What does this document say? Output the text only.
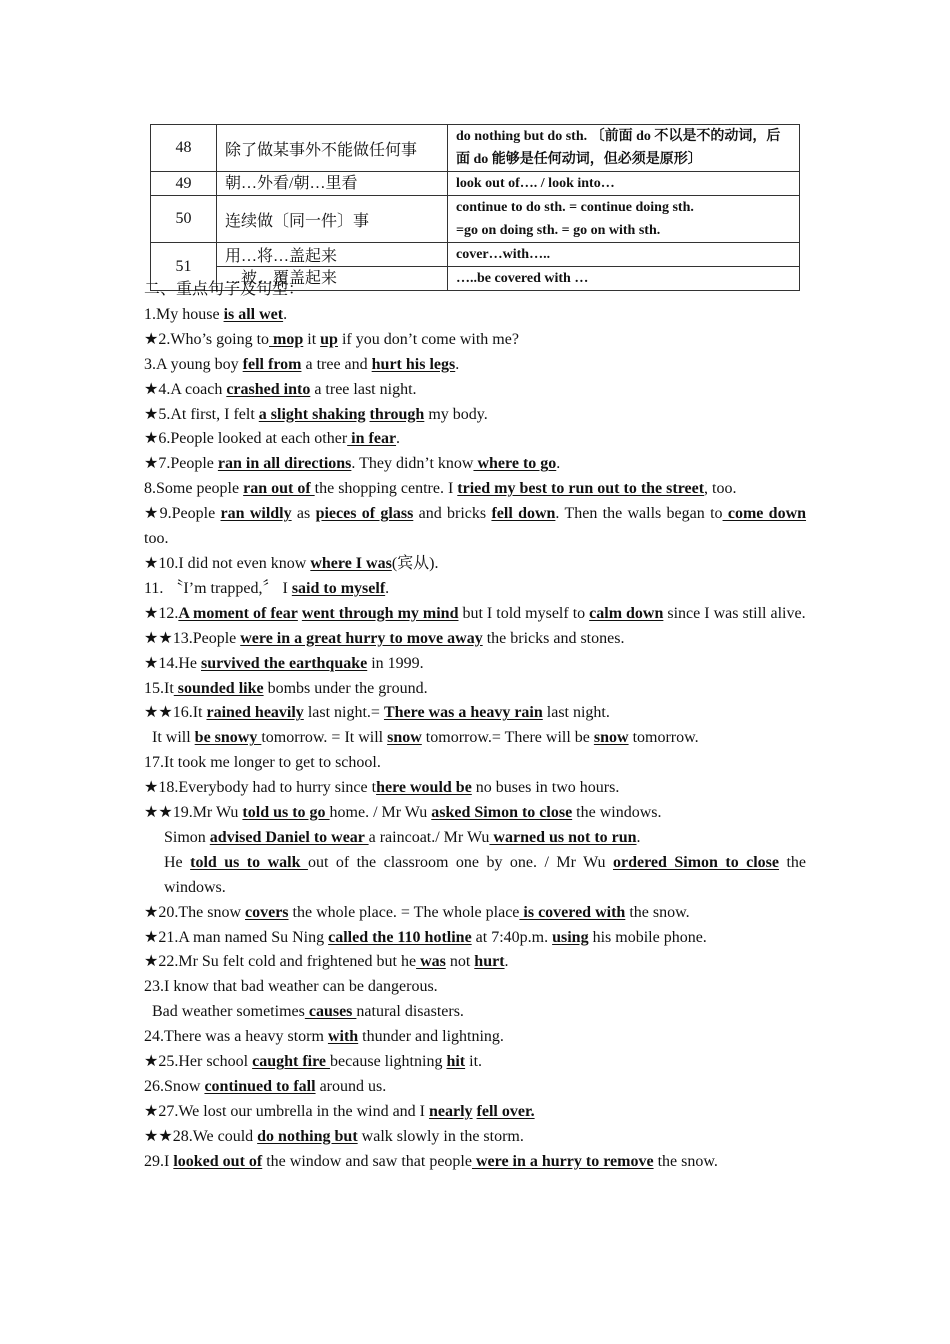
48	除了做某事外不能做任何事	do nothing but do sth. 〔前面 do 不以是不的动词，后面 do 能够是任何动词，但必须是原形〕
49	朝…外看/朝…里看	look out of…. / look into…
50	连续做〔同一件〕事	continue to do sth. = continue doing sth.
=go on doing sth. = go on with sth.

51	用…将…盖起来	cover…with…..
	…被…覆盖起来	…..be covered with …

二、重点句子及句型：

1.My house is all wet.

★2.Who’s going to mop it up if you don’t come with me?

3.A young boy fell from a tree and hurt his legs.

★4.A coach crashed into a tree last night.

★5.At first, I felt a slight shaking through my body.

★6.People looked at each other in fear.

★7.People ran in all directions. They didn’t know where to go.

8.Some people ran out of the shopping centre. I tried my best to run out to the street, too.

★9.People ran wildly as pieces of glass and bricks fell down. Then the walls began to come down too.

★10.I did not even know where I was(宾从).

11. 〝I’m trapped,〞 I said to myself.

★12.A moment of fear went through my mind but I told myself to calm down since I was still alive.

★★13.People were in a great hurry to move away the bricks and stones.

★14.He survived the earthquake in 1999.

15.It sounded like bombs under the ground.

★★16.It rained heavily last night.= There was a heavy rain last night.

It will be snowy tomorrow. = It will snow tomorrow.= There will be snow tomorrow.

17.It took me longer to get to school.

★18.Everybody had to hurry since there would be no buses in two hours.

★★19.Mr Wu told us to go home. / Mr Wu asked Simon to close the windows.

Simon advised Daniel to wear a raincoat./ Mr Wu warned us not to run.

He told us to walk out of the classroom one by one. / Mr Wu ordered Simon to close the windows.

★20.The snow covers the whole place. = The whole place is covered with the snow.

★21.A man named Su Ning called the 110 hotline at 7:40p.m. using his mobile phone.

★22.Mr Su felt cold and frightened but he was not hurt.

23.I know that bad weather can be dangerous.

Bad weather sometimes causes natural disasters.

24.There was a heavy storm with thunder and lightning.

★25.Her school caught fire because lightning hit it.

26.Snow continued to fall around us.

★27.We lost our umbrella in the wind and I nearly fell over.

★★28.We could do nothing but walk slowly in the storm.

29.I looked out of the window and saw that people were in a hurry to remove the snow.
